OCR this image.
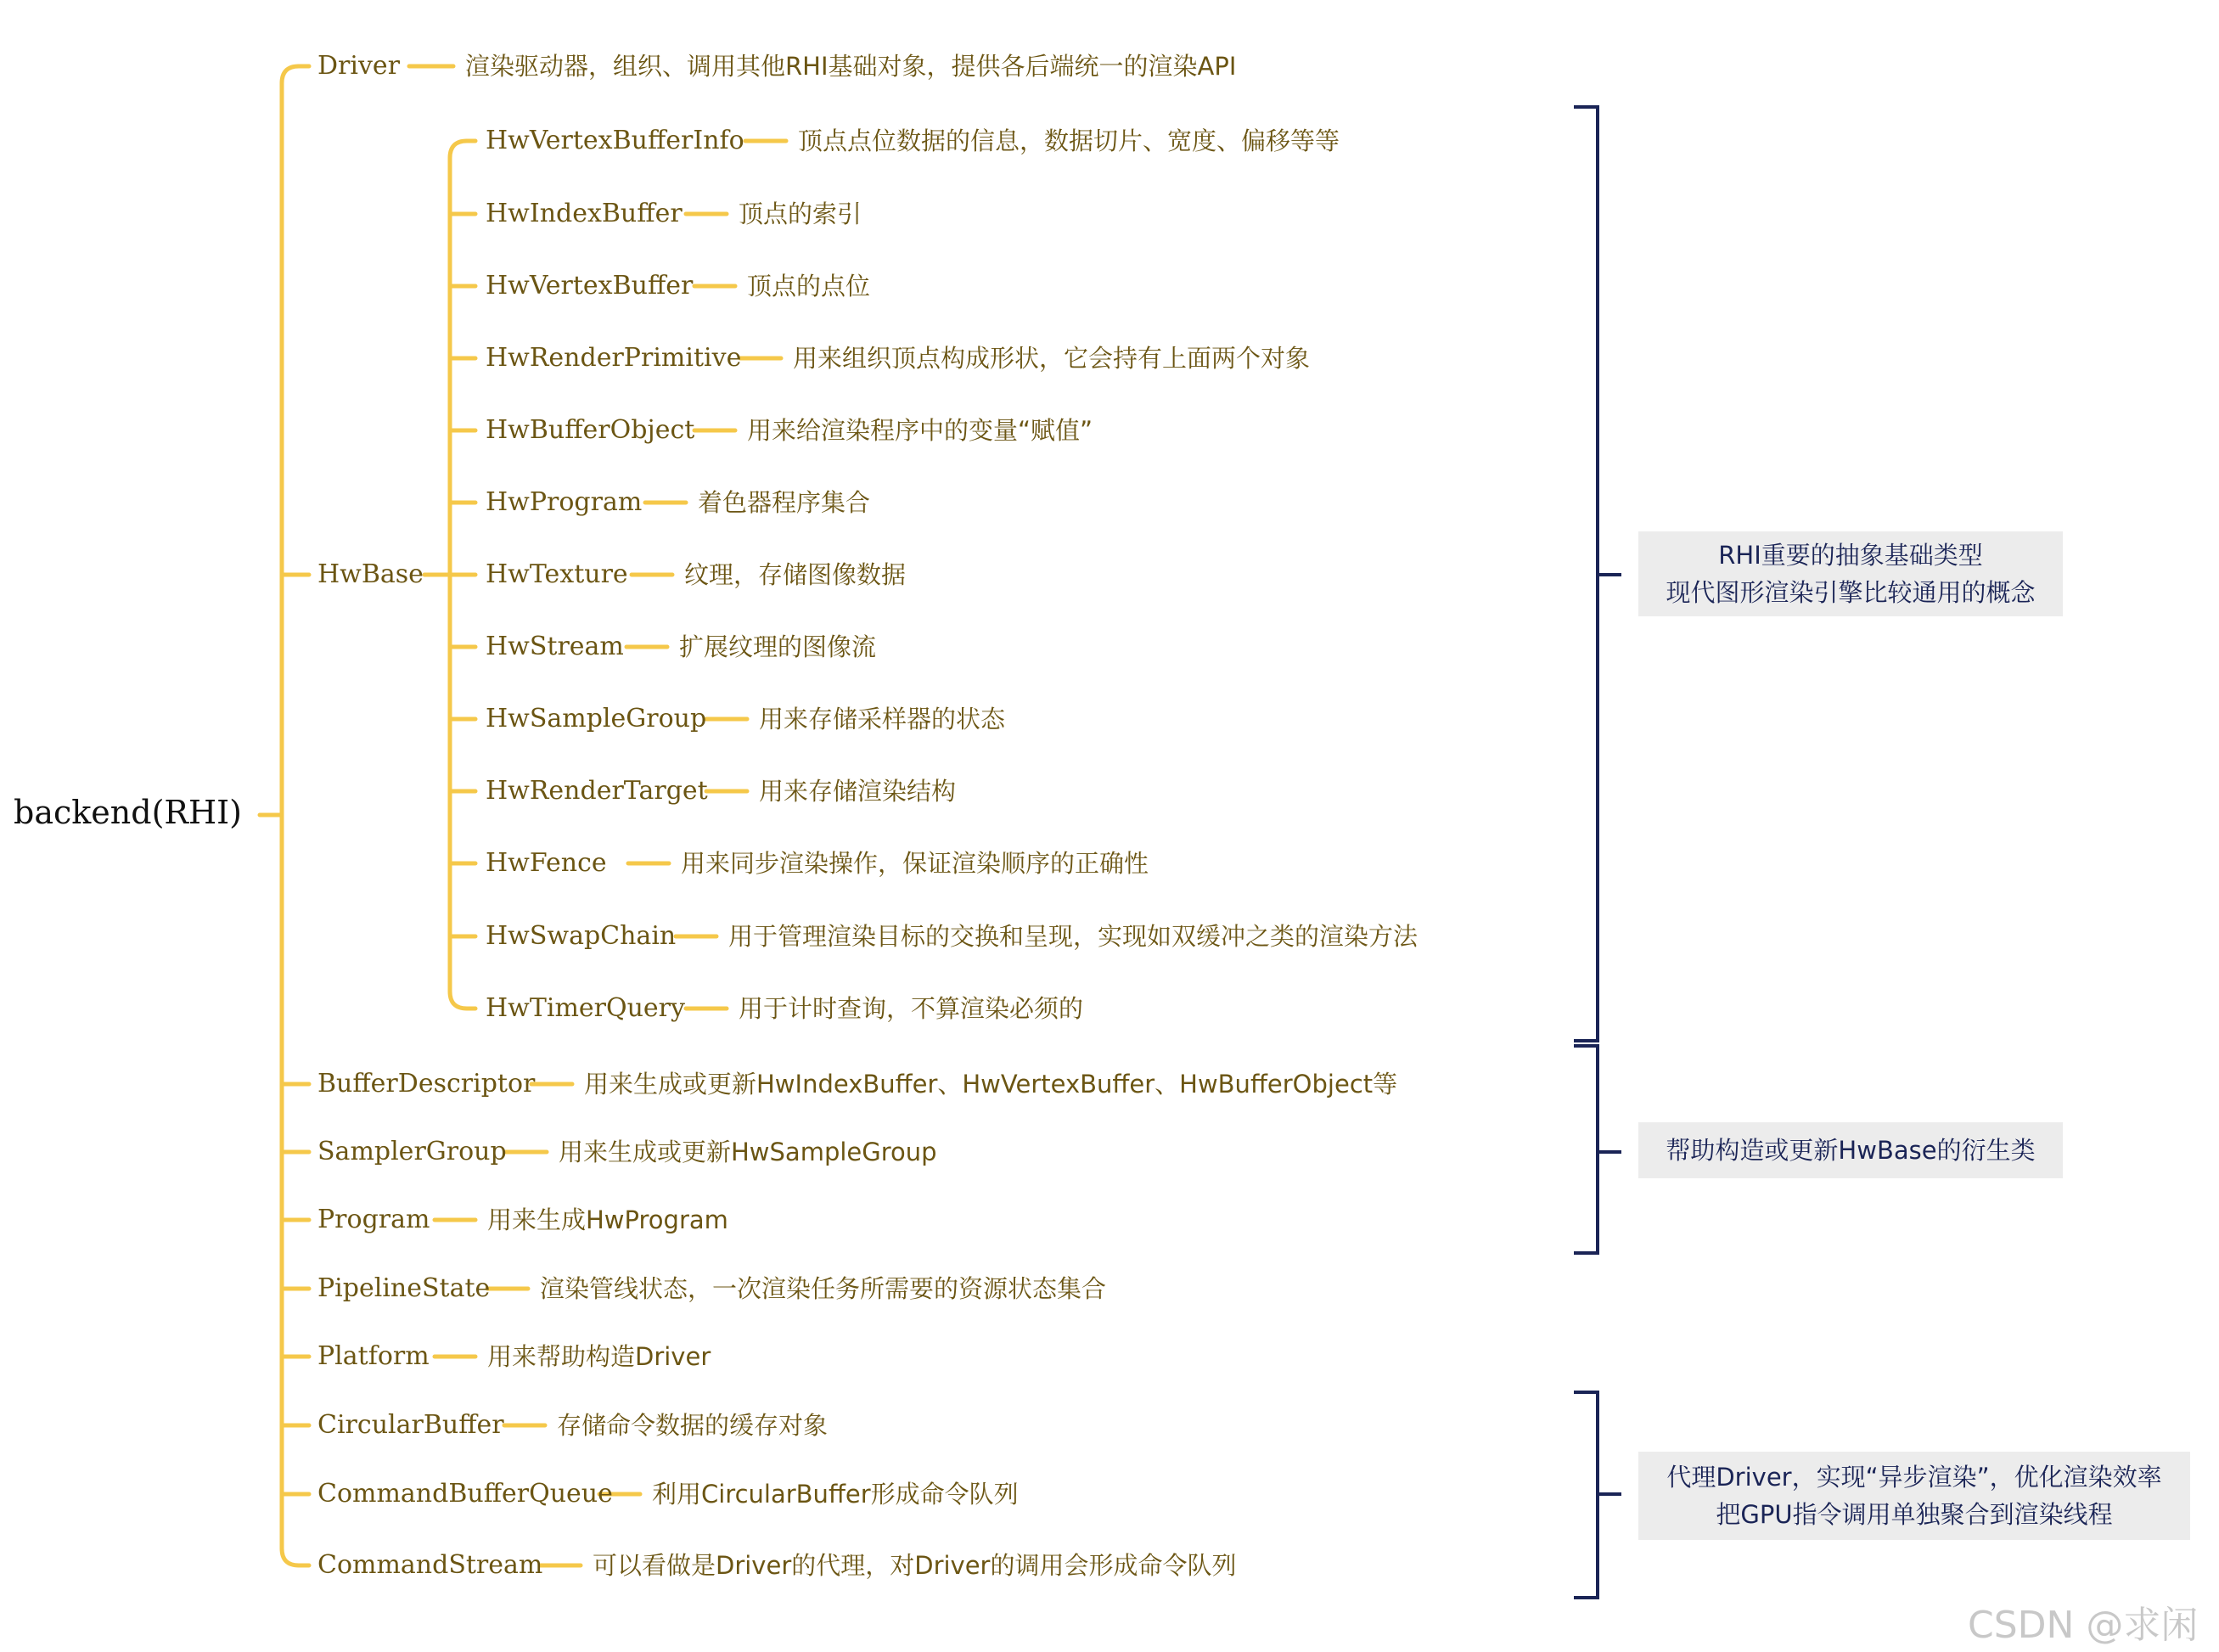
backend(RHI)
Driver	渲染驱动器，组织、调用其他RHI基础对象，提供各后端统一的渲染API
HwBase
HwVertexBufferInfo 顶点点位数据的信息，数据切片、宽度、偏移等等
HwIndexBuffer 顶点的索引
HwVertexBuffer 顶点的点位
HwRenderPrimitive 用来组织顶点构成形状，它会持有上面两个对象
HwBufferObject 用来给渲染程序中的变量“赋值”
HwProgram 着色器程序集合
HwTexture 纹理，存储图像数据
HwStream 扩展纹理的图像流
HwSampleGroup 用来存储采样器的状态
HwRenderTarget 用来存储渲染结构
HwFence	用来同步渲染操作，保证渲染顺序的正确性
HwSwapChain 用于管理渲染目标的交换和呈现，实现如双缓冲之类的渲染方法
HwTimerQuery 用于计时查询，不算渲染必须的
BufferDescriptor 用来生成或更新HwIndexBuffer、HwVertexBuffer、HwBufferObject等
SamplerGroup 用来生成或更新HwSampleGroup
Program 用来生成HwProgram
PipelineState 渲染管线状态，一次渲染任务所需要的资源状态集合
Platform 用来帮助构造Driver
CircularBuffer 存储命令数据的缓存对象
CommandBufferQueue 利用CircularBuffer形成命令队列
CommandStream 可以看做是Driver的代理，对Driver的调用会形成命令队列
RHI重要的抽象基础类型
现代图形渲染引擎比较通用的概念
帮助构造或更新HwBase的衍生类
代理Driver，实现“异步渲染”，优化渲染效率
把GPU指令调用单独聚合到渲染线程
CSDN @求闲
